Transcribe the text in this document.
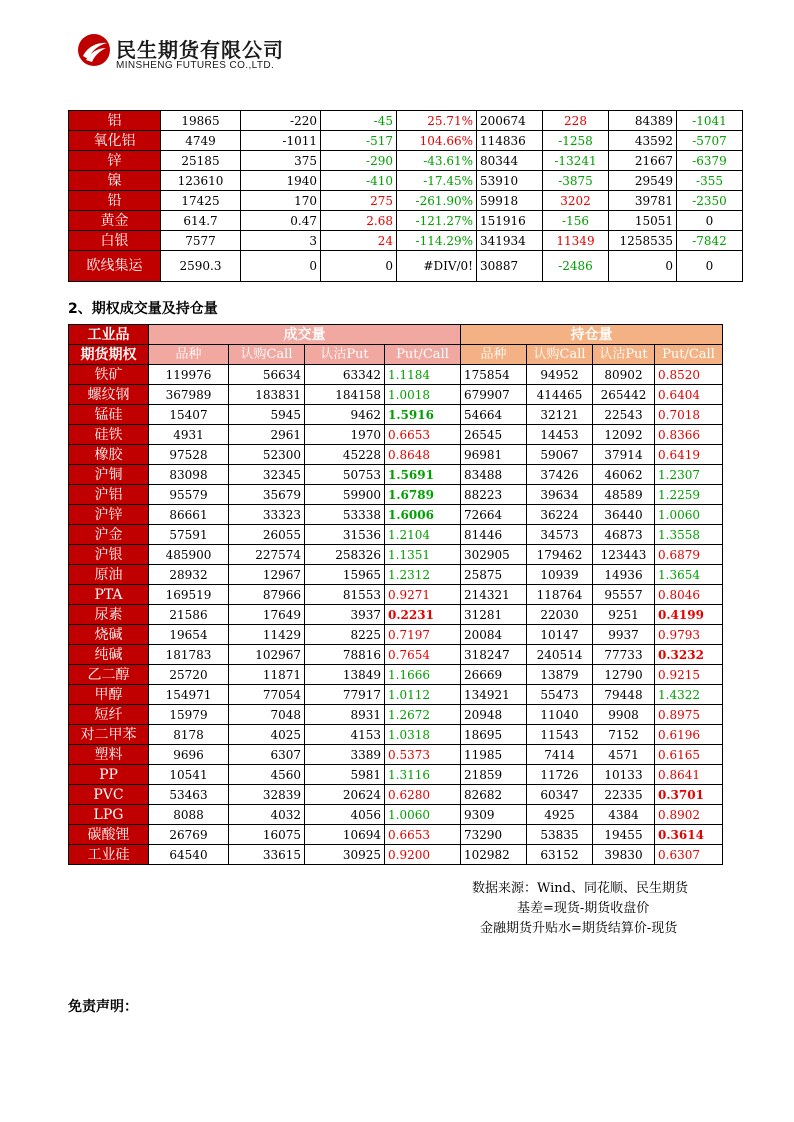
民生期货有限公司
MINSHENG FUTURES CO.,LTD.
铝	19865	-220	-45	25.71%	200674	228	84389	-1041
氧化铝	4749	-1011	-517	104.66%	114836	-1258	43592	-5707
锌	25185	375	-290	-43.61%	80344	-13241	21667	-6379
镍	123610	1940	-410	-17.45%	53910	-3875	29549	-355
铅	17425	170	275	-261.90%	59918	3202	39781	-2350
黄金	614.7	0.47	2.68	-121.27%	151916	-156	15051	0
白银	7577	3	24	-114.29%	341934	11349	1258535	-7842
欧线集运	2590.3	0	0	#DIV/0!	30887	-2486	0	0
2、期权成交量及持仓量
工业品	成交量				持仓量			
期货期权	品种	认购Call	认沽Put	Put/Call	品种	认购Call	认沽Put	Put/Call
铁矿	119976	56634	63342	1.1184	175854	94952	80902	0.8520
螺纹钢	367989	183831	184158	1.0018	679907	414465	265442	0.6404
锰硅	15407	5945	9462	1.5916	54664	32121	22543	0.7018
硅铁	4931	2961	1970	0.6653	26545	14453	12092	0.8366
橡胶	97528	52300	45228	0.8648	96981	59067	37914	0.6419
沪铜	83098	32345	50753	1.5691	83488	37426	46062	1.2307
沪铝	95579	35679	59900	1.6789	88223	39634	48589	1.2259
沪锌	86661	33323	53338	1.6006	72664	36224	36440	1.0060
沪金	57591	26055	31536	1.2104	81446	34573	46873	1.3558
沪银	485900	227574	258326	1.1351	302905	179462	123443	0.6879
原油	28932	12967	15965	1.2312	25875	10939	14936	1.3654
PTA	169519	87966	81553	0.9271	214321	118764	95557	0.8046
尿素	21586	17649	3937	0.2231	31281	22030	9251	0.4199
烧碱	19654	11429	8225	0.7197	20084	10147	9937	0.9793
纯碱	181783	102967	78816	0.7654	318247	240514	77733	0.3232
乙二醇	25720	11871	13849	1.1666	26669	13879	12790	0.9215
甲醇	154971	77054	77917	1.0112	134921	55473	79448	1.4322
短纤	15979	7048	8931	1.2672	20948	11040	9908	0.8975
对二甲苯	8178	4025	4153	1.0318	18695	11543	7152	0.6196
塑料	9696	6307	3389	0.5373	11985	7414	4571	0.6165
PP	10541	4560	5981	1.3116	21859	11726	10133	0.8641
PVC	53463	32839	20624	0.6280	82682	60347	22335	0.3701
LPG	8088	4032	4056	1.0060	9309	4925	4384	0.8902
碳酸锂	26769	16075	10694	0.6653	73290	53835	19455	0.3614
工业硅	64540	33615	30925	0.9200	102982	63152	39830	0.6307
数据来源：Wind、同花顺、民生期货
基差=现货-期货收盘价
金融期货升贴水=期货结算价-现货
免责声明：
